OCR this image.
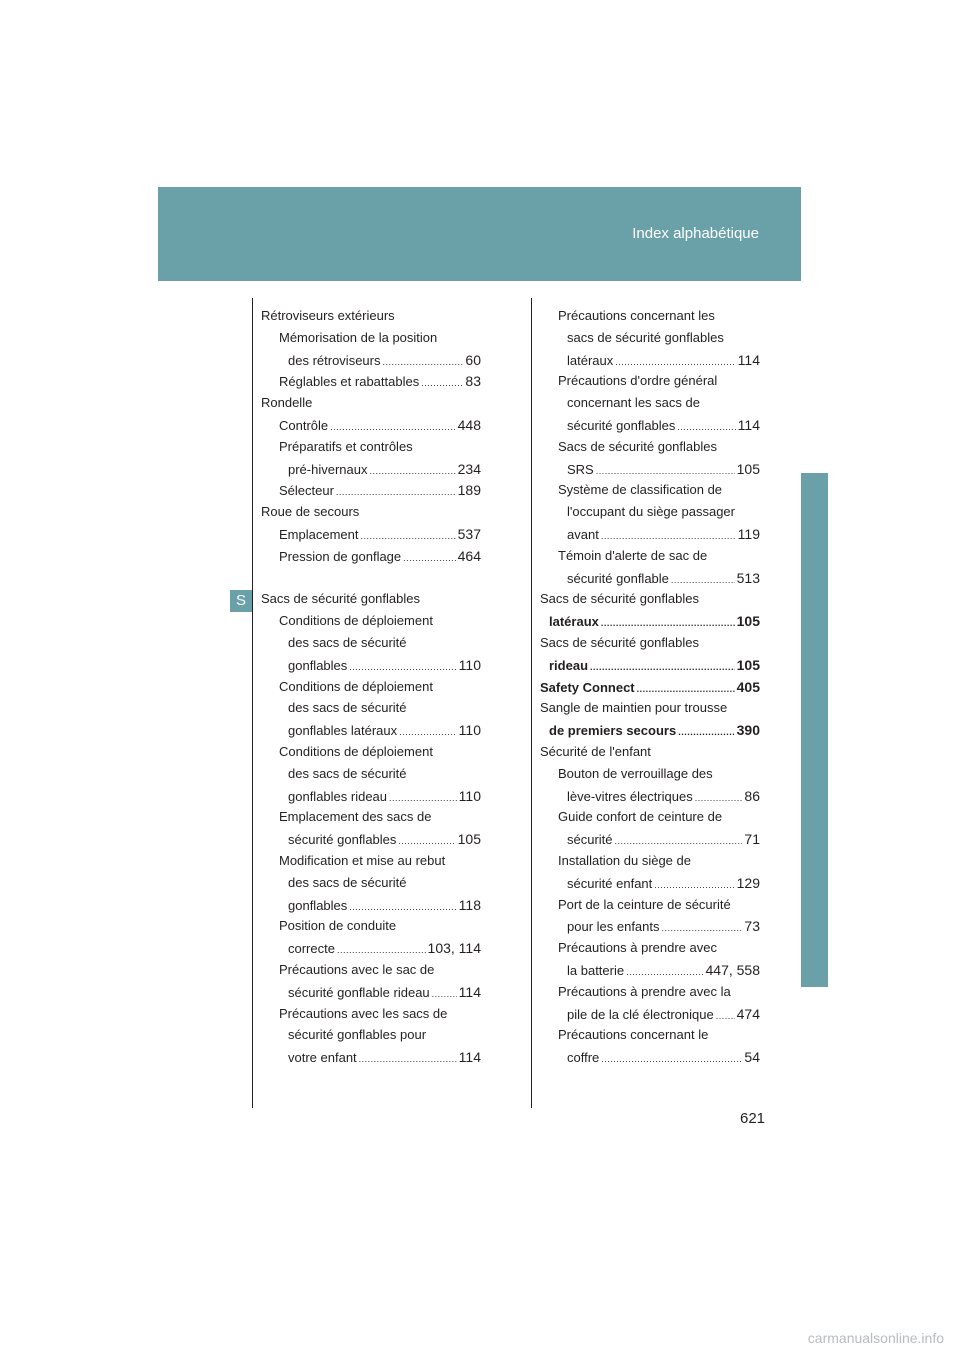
Index alphabétique
S
Rétroviseurs extérieurs
Mémorisation de la position
des rétroviseurs .....	60
Réglables et rabattables .....	83
Rondelle
Contrôle .....	448
Préparatifs et contrôles
pré-hivernaux .....	234
Sélecteur .....	189
Roue de secours
Emplacement .....	537
Pression de gonflage .....	464
Sacs de sécurité gonflables
Conditions de déploiement
des sacs de sécurité
gonflables .....	110
Conditions de déploiement
des sacs de sécurité
gonflables latéraux .....	110
Conditions de déploiement
des sacs de sécurité
gonflables rideau .....	110
Emplacement des sacs de
sécurité gonflables .....	105
Modification et mise au rebut
des sacs de sécurité
gonflables .....	118
Position de conduite
correcte .....	103, 114
Précautions avec le sac de
sécurité gonflable rideau ..... 114
Précautions avec les sacs de
sécurité gonflables pour
votre enfant .....	114
Précautions concernant les
sacs de sécurité gonflables
latéraux .....	114
Précautions d'ordre général
concernant les sacs de
sécurité gonflables .....	114
Sacs de sécurité gonflables
SRS .....	105
Système de classification de
l'occupant du siège passager
avant .....	119
Témoin d'alerte de sac de
sécurité gonflable .....	513
Sacs de sécurité gonflables
latéraux .....	105
Sacs de sécurité gonflables
rideau .....	105
Safety Connect .....	405
Sangle de maintien pour trousse
de premiers secours .....	390
Sécurité de l'enfant
Bouton de verrouillage des
lève-vitres électriques .....	86
Guide confort de ceinture de
sécurité .....	71
Installation du siège de
sécurité enfant .....	129
Port de la ceinture de sécurité
pour les enfants .....	73
Précautions à prendre avec
la batterie .....	447, 558
Précautions à prendre avec la
pile de la clé électronique ..... 474
Précautions concernant le
coffre .....	54
621
carmanualsonline.info
